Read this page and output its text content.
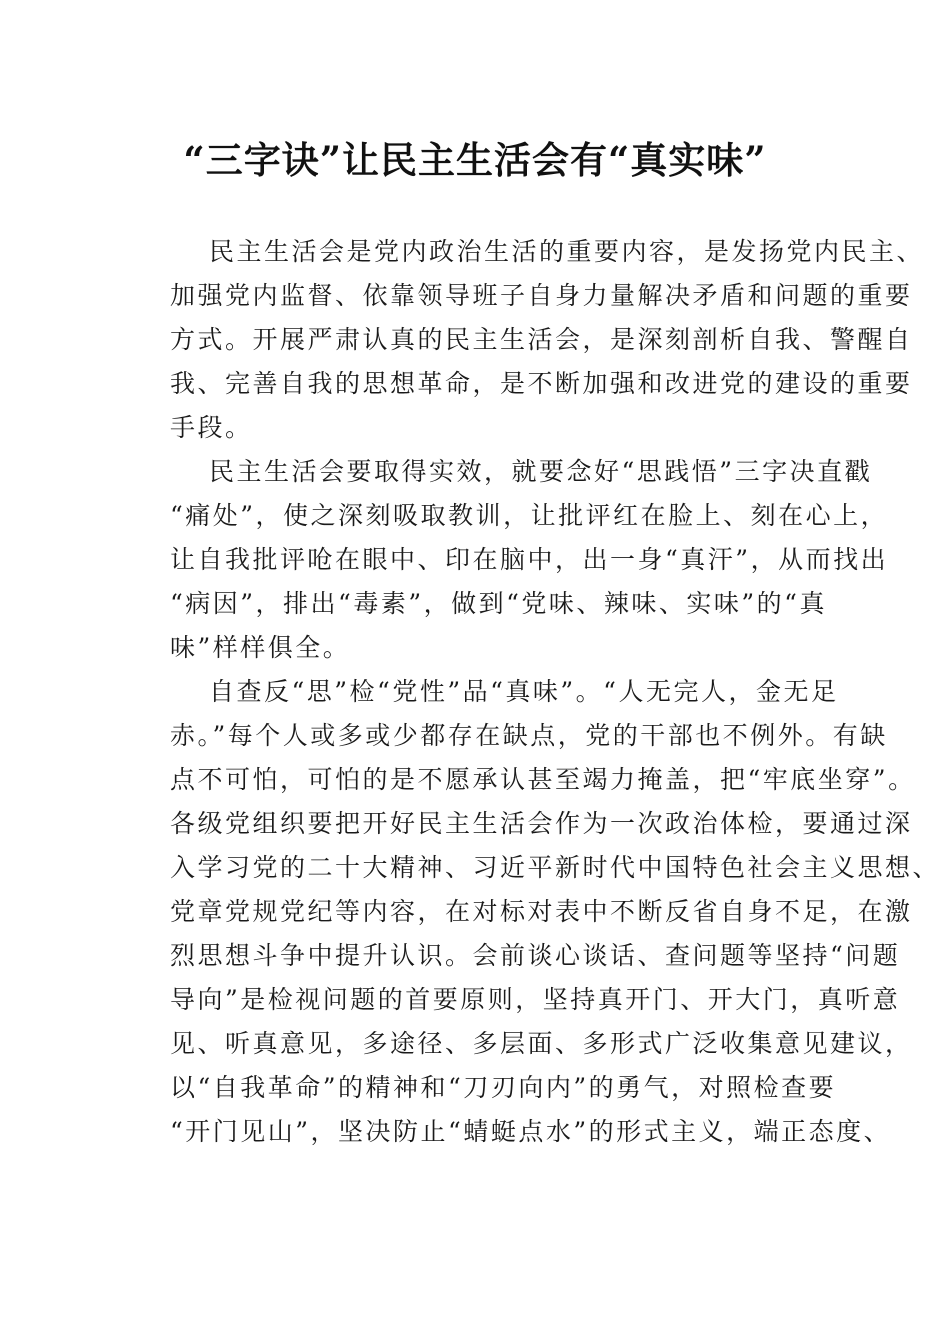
“三字诀”让民主生活会有“真实味”
民主生活会是党内政治生活的重要内容，是发扬党内民主、
加强党内监督、依靠领导班子自身力量解决矛盾和问题的重要
方式。开展严肃认真的民主生活会，是深刻剖析自我、警醒自
我、完善自我的思想革命，是不断加强和改进党的建设的重要
手段。
民主生活会要取得实效，就要念好“思践悟”三字决直戳
“痛处”，使之深刻吸取教训，让批评红在脸上、刻在心上，
让自我批评呛在眼中、印在脑中，出一身“真汗”，从而找出
“病因”，排出“毒素”，做到“党味、辣味、实味”的“真
味”样样俱全。
自查反“思”检“党性”品“真味”。“人无完人，金无足
赤。”每个人或多或少都存在缺点，党的干部也不例外。有缺
点不可怕，可怕的是不愿承认甚至竭力掩盖，把“牢底坐穿”。
各级党组织要把开好民主生活会作为一次政治体检，要通过深
入学习党的二十大精神、习近平新时代中国特色社会主义思想、
党章党规党纪等内容，在对标对表中不断反省自身不足，在激
烈思想斗争中提升认识。会前谈心谈话、查问题等坚持“问题
导向”是检视问题的首要原则，坚持真开门、开大门，真听意
见、听真意见，多途径、多层面、多形式广泛收集意见建议，
以“自我革命”的精神和“刀刃向内”的勇气，对照检查要
“开门见山”，坚决防止“蜻蜓点水”的形式主义，端正态度、
